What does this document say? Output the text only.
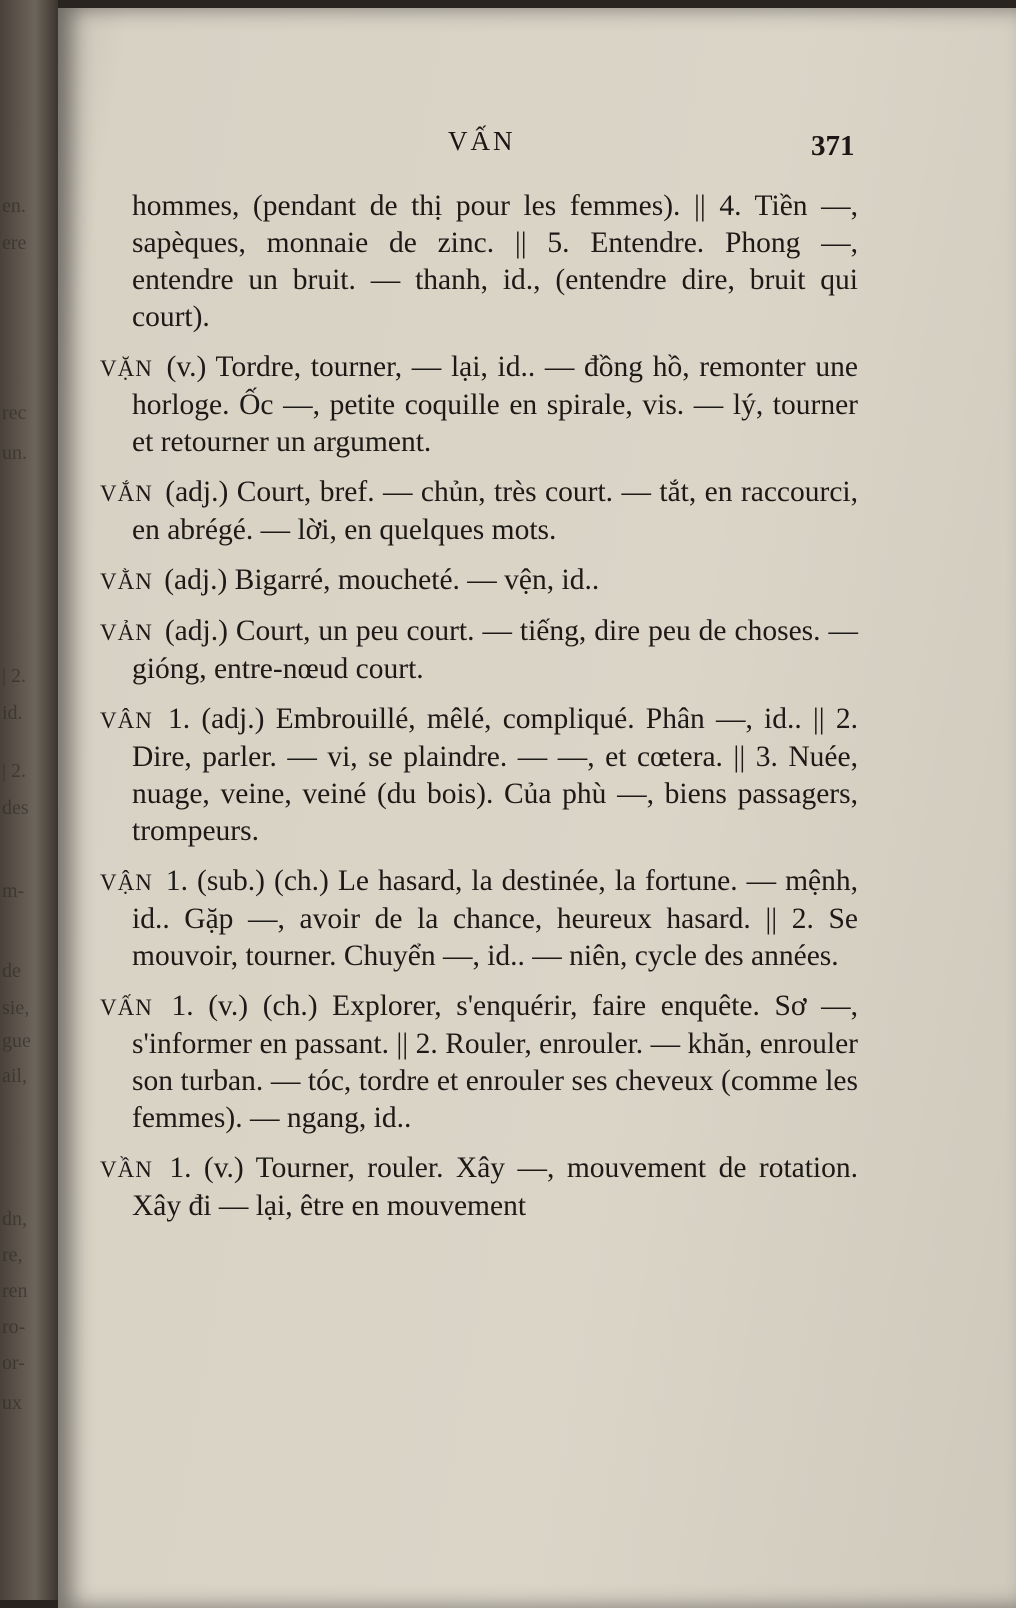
en.
ere
rec
un.
| 2.
id.
| 2.
des
m-
de
sie,
gue
ail,
dn,
re,
ren
ro-
or-
ux
VẤN	371

hommes, (pendant de thị pour les femmes). || 4. Tiền —, sapèques, monnaie de zinc. || 5. Entendre. Phong —, entendre un bruit. — thanh, id., (entendre dire, bruit qui court).

VẶN (v.) Tordre, tourner, — lại, id.. — đồng hồ, remonter une horloge. Ốc —, petite coquille en spirale, vis. — lý, tourner et retourner un argument.

VẮN (adj.) Court, bref. — chủn, très court. — tắt, en raccourci, en abrégé. — lời, en quelques mots.

VẰN (adj.) Bigarré, moucheté. — vện, id..

VẢN (adj.) Court, un peu court. — tiếng, dire peu de choses. — gióng, entre-nœud court.

VÂN 1. (adj.) Embrouillé, mêlé, compliqué. Phân —, id.. || 2. Dire, parler. — vi, se plaindre. — —, et cœtera. || 3. Nuée, nuage, veine, veiné (du bois). Của phù —, biens passagers, trompeurs.

VẬN 1. (sub.) (ch.) Le hasard, la destinée, la fortune. — mệnh, id.. Gặp —, avoir de la chance, heureux hasard. || 2. Se mouvoir, tourner. Chuyển —, id.. — niên, cycle des années.

VẤN 1. (v.) (ch.) Explorer, s'enquérir, faire enquête. Sơ —, s'informer en passant. || 2. Rouler, enrouler. — khăn, enrouler son turban. — tóc, tordre et enrouler ses cheveux (comme les femmes). — ngang, id..

VẦN 1. (v.) Tourner, rouler. Xây —, mouvement de rotation. Xây đi — lại, être en mouvement
